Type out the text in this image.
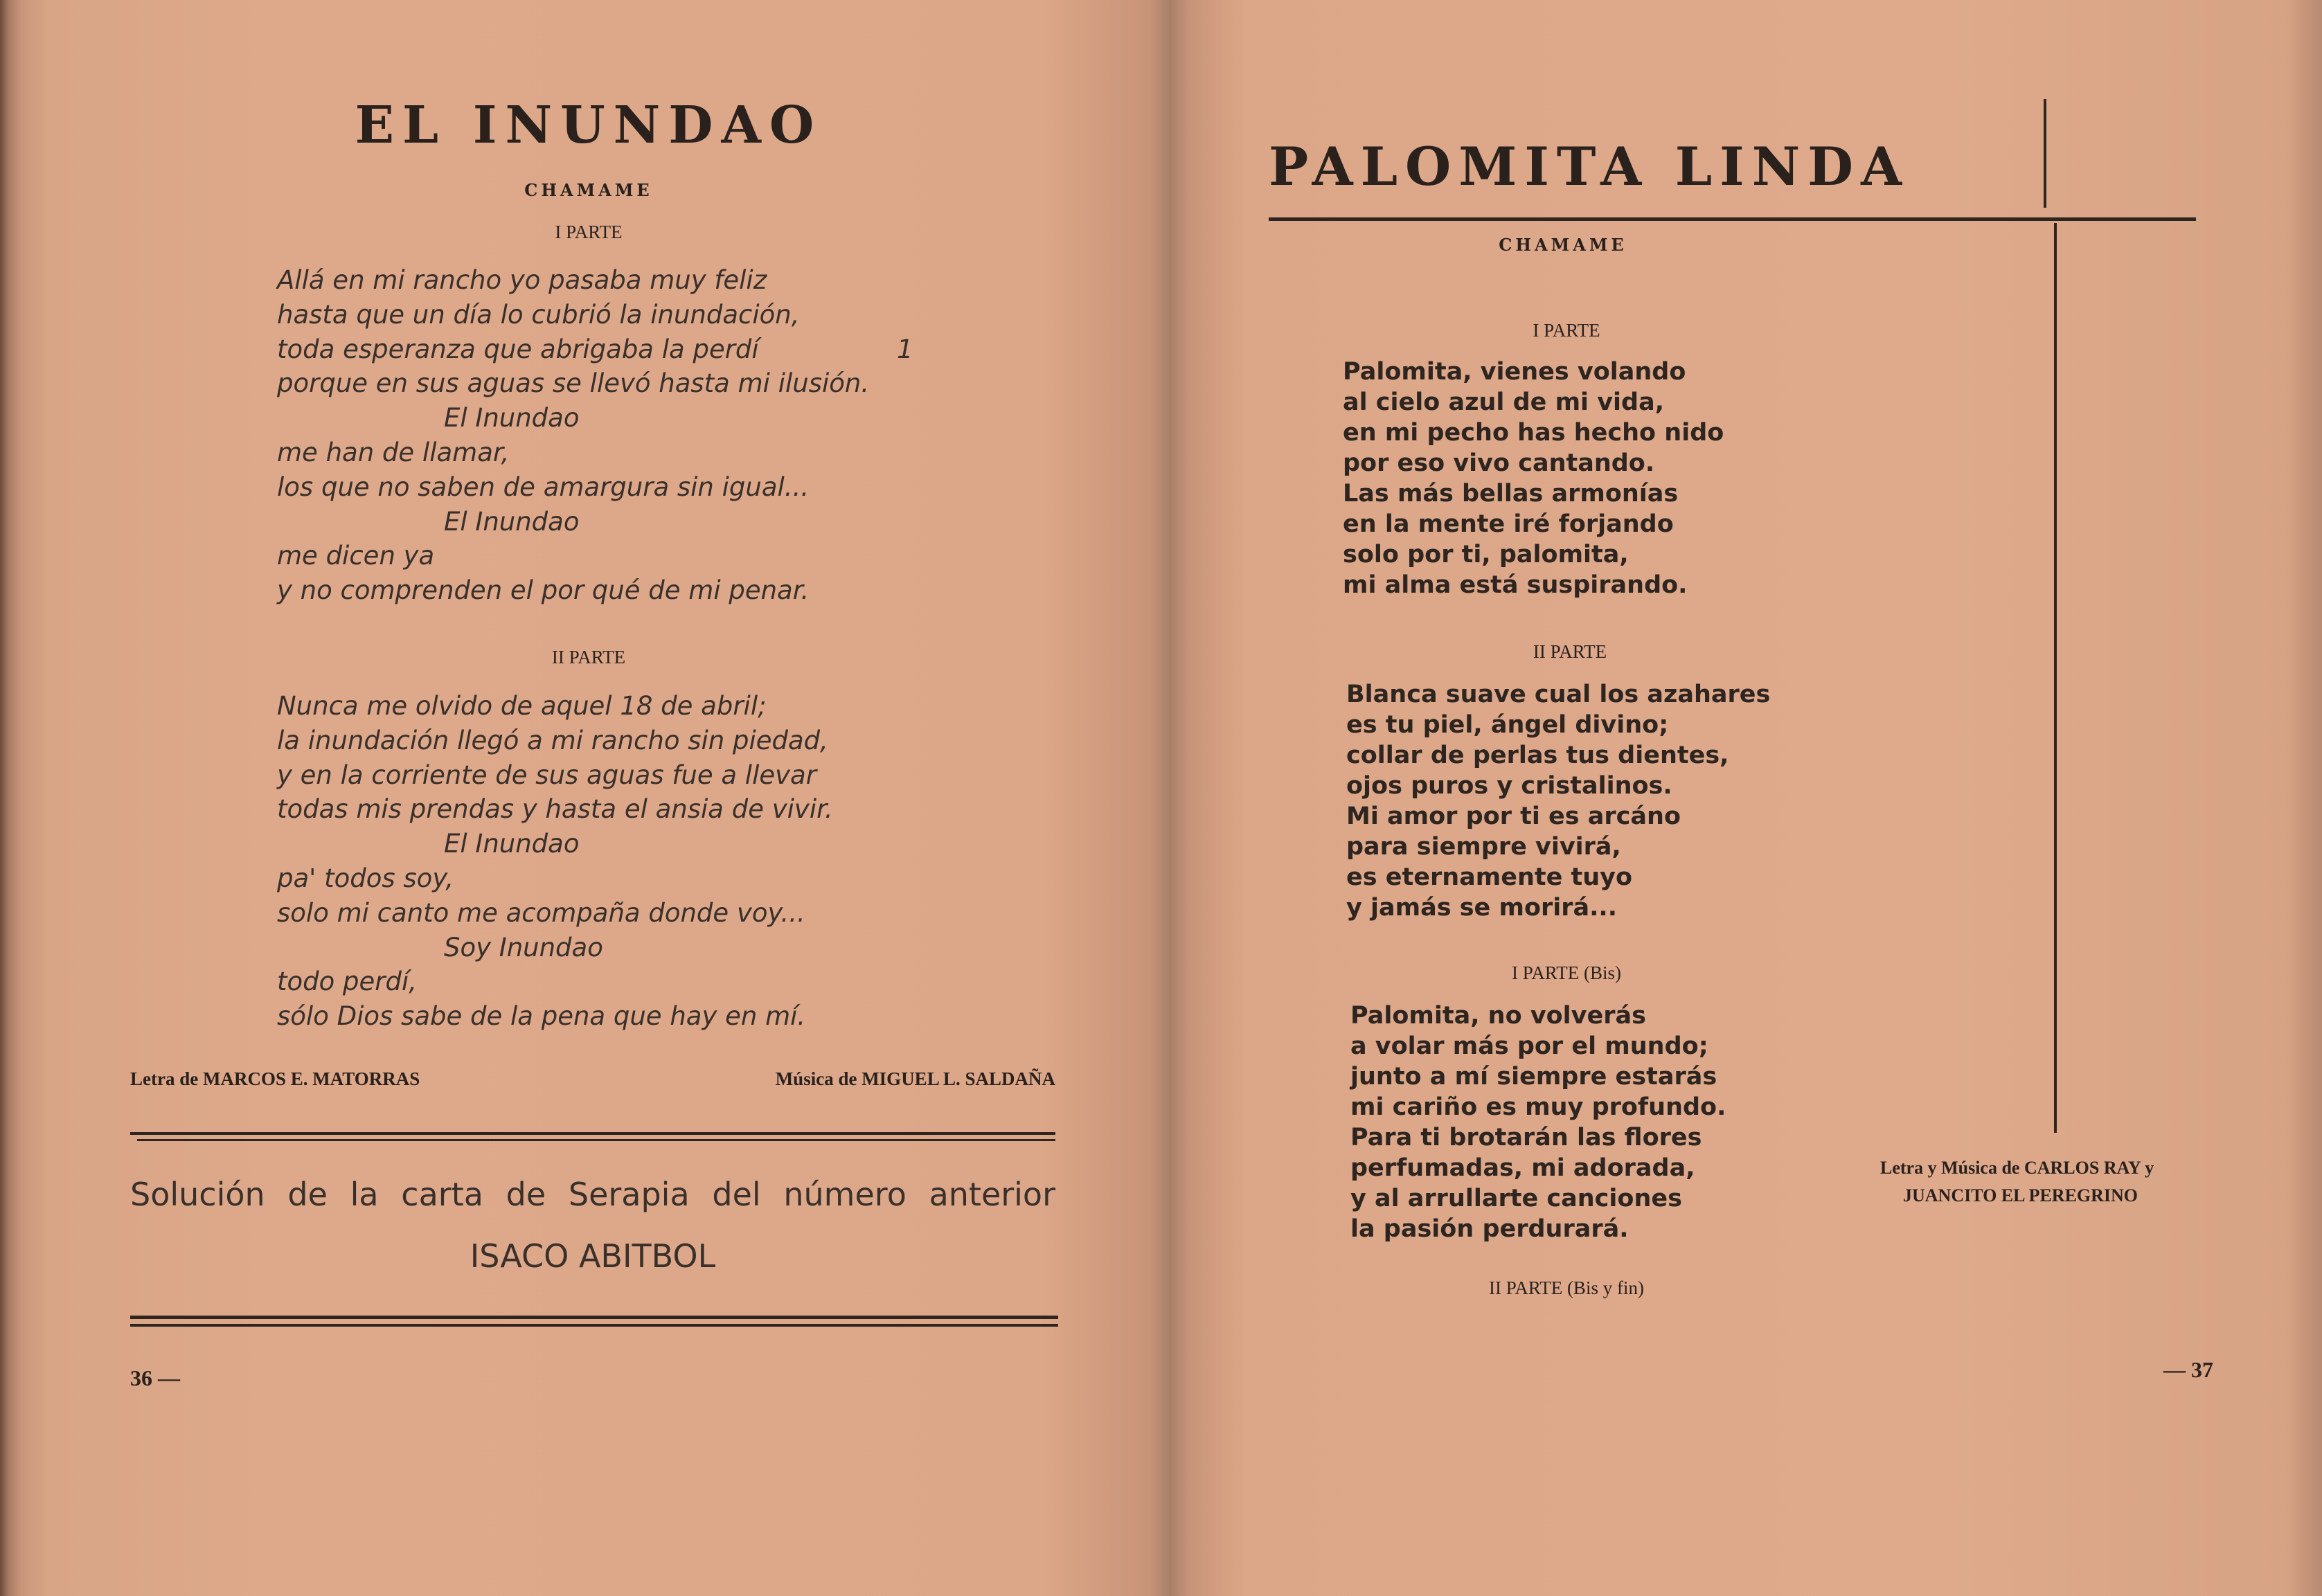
EL INUNDAO
CHAMAME
I PARTE
Allá en mi rancho yo pasaba muy feliz
hasta que un día lo cubrió la inundación,
toda esperanza que abrigaba la perdí
porque en sus aguas se llevó hasta mi ilusión.
El Inundao
me han de llamar,
los que no saben de amargura sin igual...
El Inundao
me dicen ya
y no comprenden el por qué de mi penar.
1
II PARTE
Nunca me olvido de aquel 18 de abril;
la inundación llegó a mi rancho sin piedad,
y en la corriente de sus aguas fue a llevar
todas mis prendas y hasta el ansia de vivir.
El Inundao
pa' todos soy,
solo mi canto me acompaña donde voy...
Soy Inundao
todo perdí,
sólo Dios sabe de la pena que hay en mí.
Letra de MARCOS E. MATORRAS	Música de MIGUEL L. SALDAÑA
Solución de la carta de Serapia del número anterior
ISACO ABITBOL
36 —
PALOMITA LINDA
CHAMAME
I PARTE
Palomita, vienes volando
al cielo azul de mi vida,
en mi pecho has hecho nido
por eso vivo cantando.
Las más bellas armonías
en la mente iré forjando
solo por ti, palomita,
mi alma está suspirando.
II PARTE
Blanca suave cual los azahares
es tu piel, ángel divino;
collar de perlas tus dientes,
ojos puros y cristalinos.
Mi amor por ti es arcáno
para siempre vivirá,
es eternamente tuyo
y jamás se morirá...
I PARTE (Bis)
Palomita, no volverás
a volar más por el mundo;
junto a mí siempre estarás
mi cariño es muy profundo.
Para ti brotarán las flores
perfumadas, mi adorada,
y al arrullarte canciones
la pasión perdurará.
II PARTE (Bis y fin)
Letra y Música de CARLOS RAY y
JUANCITO EL PEREGRINO
— 37
